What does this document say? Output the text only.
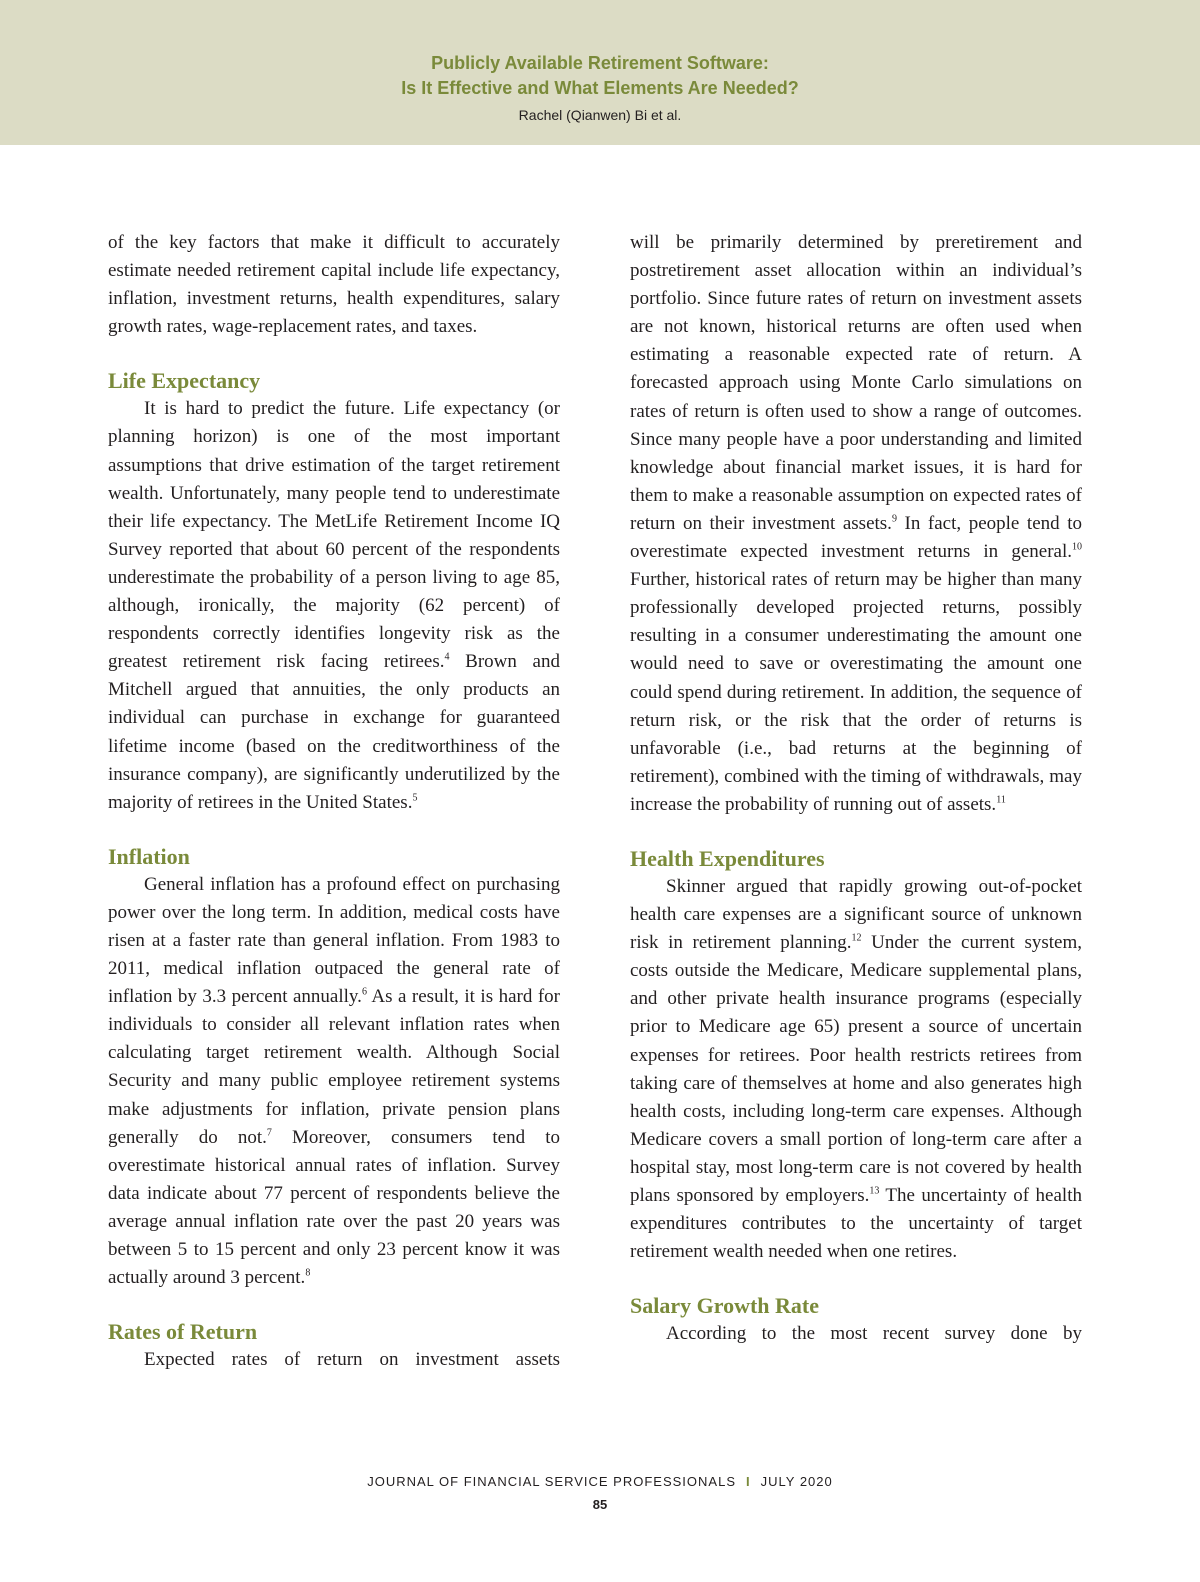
Publicly Available Retirement Software:
Is It Effective and What Elements Are Needed?
Rachel (Qianwen) Bi et al.

of the key factors that make it difficult to accurately estimate needed retirement capital include life expectancy, inflation, investment returns, health expenditures, salary growth rates, wage-replacement rates, and taxes.

Life Expectancy

It is hard to predict the future. Life expectancy (or planning horizon) is one of the most important assumptions that drive estimation of the target retirement wealth. Unfortunately, many people tend to underestimate their life expectancy. The MetLife Retirement Income IQ Survey reported that about 60 percent of the respondents underestimate the probability of a person living to age 85, although, ironically, the majority (62 percent) of respondents correctly identifies longevity risk as the greatest retirement risk facing retirees.$^4$ Brown and Mitchell argued that annuities, the only products an individual can purchase in exchange for guaranteed lifetime income (based on the creditworthiness of the insurance company), are significantly underutilized by the majority of retirees in the United States.$^5$

Inflation

General inflation has a profound effect on purchasing power over the long term. In addition, medical costs have risen at a faster rate than general inflation. From 1983 to 2011, medical inflation outpaced the general rate of inflation by 3.3 percent annually.$^6$ As a result, it is hard for individuals to consider all relevant inflation rates when calculating target retirement wealth. Although Social Security and many public employee retirement systems make adjustments for inflation, private pension plans generally do not.$^7$ Moreover, consumers tend to overestimate historical annual rates of inflation. Survey data indicate about 77 percent of respondents believe the average annual inflation rate over the past 20 years was between 5 to 15 percent and only 23 percent know it was actually around 3 percent.$^8$

Rates of Return

Expected rates of return on investment assets

will be primarily determined by preretirement and postretirement asset allocation within an individual’s portfolio. Since future rates of return on investment assets are not known, historical returns are often used when estimating a reasonable expected rate of return. A forecasted approach using Monte Carlo simulations on rates of return is often used to show a range of outcomes. Since many people have a poor understanding and limited knowledge about financial market issues, it is hard for them to make a reasonable assumption on expected rates of return on their investment assets.$^9$ In fact, people tend to overestimate expected investment returns in general.$^{10}$ Further, historical rates of return may be higher than many professionally developed projected returns, possibly resulting in a consumer underestimating the amount one would need to save or overestimating the amount one could spend during retirement. In addition, the sequence of return risk, or the risk that the order of returns is unfavorable (i.e., bad returns at the beginning of retirement), combined with the timing of withdrawals, may increase the probability of running out of assets.$^{11}$

Health Expenditures

Skinner argued that rapidly growing out-of-pocket health care expenses are a significant source of unknown risk in retirement planning.$^{12}$ Under the current system, costs outside the Medicare, Medicare supplemental plans, and other private health insurance programs (especially prior to Medicare age 65) present a source of uncertain expenses for retirees. Poor health restricts retirees from taking care of themselves at home and also generates high health costs, including long-term care expenses. Although Medicare covers a small portion of long-term care after a hospital stay, most long-term care is not covered by health plans sponsored by employers.$^{13}$ The uncertainty of health expenditures contributes to the uncertainty of target retirement wealth needed when one retires.

Salary Growth Rate

According to the most recent survey done by

JOURNAL OF FINANCIAL SERVICE PROFESSIONALS I JULY 2020
85
